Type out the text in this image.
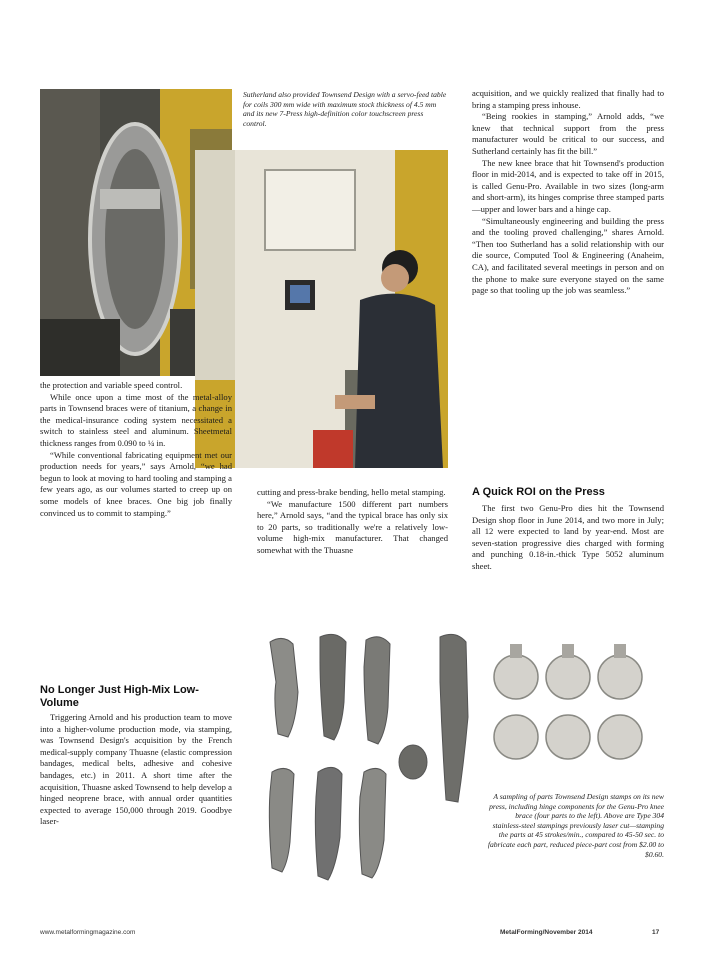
Sutherland also provided Townsend Design with a servo-feed table for coils 300 mm wide with maximum stock thickness of 4.5 mm and its new 7-Press high-definition color touchscreen press control.

the protection and variable speed control.

While once upon a time most of the metal-alloy parts in Townsend braces were of titanium, a change in the medical-insurance coding system necessitated a switch to stainless steel and aluminum. Sheetmetal thickness ranges from 0.090 to ¼ in.

“While conventional fabricating equipment met our production needs for years,” says Arnold, “we had begun to look at moving to hard tooling and stamping a few years ago, as our volumes started to creep up on some models of knee braces. One big job finally convinced us to commit to stamping.”

No Longer Just High-Mix Low-Volume

Triggering Arnold and his production team to move into a higher-volume production mode, via stamping, was Townsend Design's acquisition by the French medical-supply company Thuasne (elastic compression bandages, medical belts, adhesive and cohesive bandages, etc.) in 2011. A short time after the acquisition, Thuasne asked Townsend to help develop a hinged neoprene brace, with annual order quantities expected to average 150,000 through 2019. Goodbye laser-

cutting and press-brake bending, hello metal stamping.

“We manufacture 1500 different part numbers here,” Arnold says, “and the typical brace has only six to 20 parts, so traditionally we're a relatively low-volume high-mix manufacturer. That changed somewhat with the Thuasne

acquisition, and we quickly realized that finally had to bring a stamping press inhouse.

“Being rookies in stamping,” Arnold adds, “we knew that technical support from the press manufacturer would be critical to our success, and Sutherland certainly has fit the bill.”

The new knee brace that hit Townsend's production floor in mid-2014, and is expected to take off in 2015, is called Genu-Pro. Available in two sizes (long-arm and short-arm), its hinges comprise three stamped parts—upper and lower bars and a hinge cap.

“Simultaneously engineering and building the press and the tooling proved challenging,” shares Arnold. “Then too Sutherland has a solid relationship with our die source, Computed Tool & Engineering (Anaheim, CA), and facilitated several meetings in person and on the phone to make sure everyone stayed on the same page so that tooling up the job was seamless.”

A Quick ROI on the Press

The first two Genu-Pro dies hit the Townsend Design shop floor in June 2014, and two more in July; all 12 were expected to land by year-end. Most are seven-station progressive dies charged with forming and punching 0.18-in.-thick Type 5052 aluminum sheet.

A sampling of parts Townsend Design stamps on its new press, including hinge components for the Genu-Pro knee brace (four parts to the left). Above are Type 304 stainless-steel stampings previously laser cut—stamping the parts at 45 strokes/min., compared to 45-50 sec. to fabricate each part, reduced piece-part cost from $2.00 to $0.60.

www.metalformingmagazine.com	MetalForming/November 2014	17
